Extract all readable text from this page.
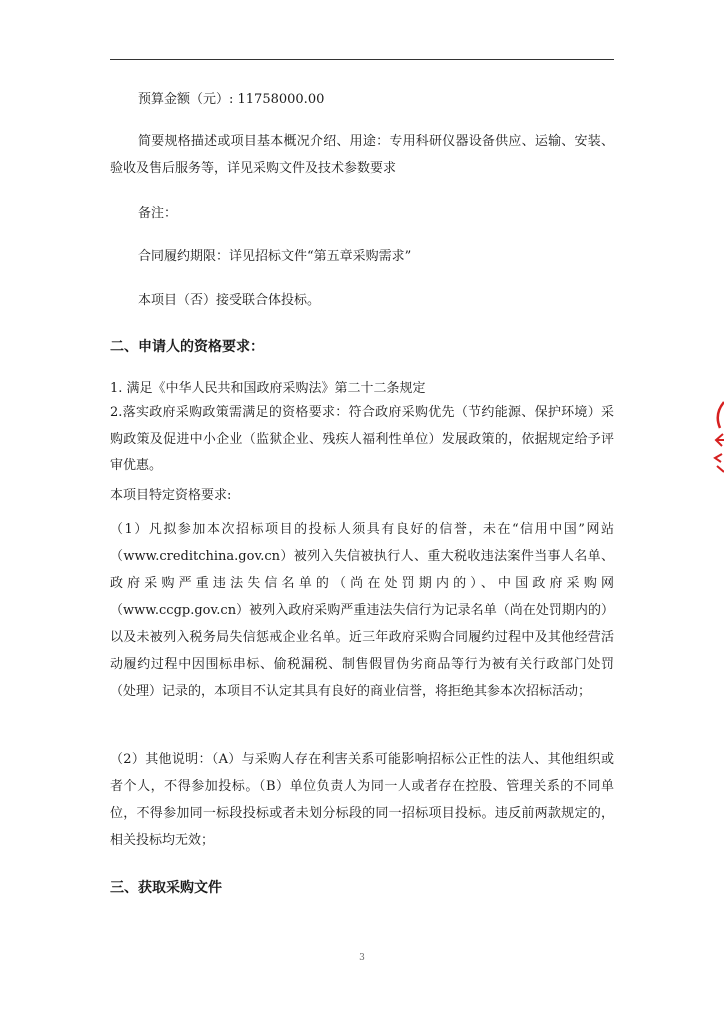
预算金额（元）: 11758000.00

简要规格描述或项目基本概况介绍、用途：专用科研仪器设备供应、运输、安装、验收及售后服务等，详见采购文件及技术参数要求

备注：

合同履约期限：详见招标文件“第五章采购需求”

本项目（否）接受联合体投标。

二、申请人的资格要求：

1. 满足《中华人民共和国政府采购法》第二十二条规定

2.落实政府采购政策需满足的资格要求：符合政府采购优先（节约能源、保护环境）采购政策及促进中小企业（监狱企业、残疾人福利性单位）发展政策的，依据规定给予评审优惠。

本项目特定资格要求:

（1）凡拟参加本次招标项目的投标人须具有良好的信誉，未在“信用中国”网站（www.creditchina.gov.cn）被列入失信被执行人、重大税收违法案件当事人名单、政府采购严重违法失信名单的（尚在处罚期内的）、中国政府采购网（www.ccgp.gov.cn）被列入政府采购严重违法失信行为记录名单（尚在处罚期内的）以及未被列入税务局失信惩戒企业名单。近三年政府采购合同履约过程中及其他经营活动履约过程中因围标串标、偷税漏税、制售假冒伪劣商品等行为被有关行政部门处罚（处理）记录的，本项目不认定其具有良好的商业信誉，将拒绝其参本次招标活动；

（2）其他说明：（A）与采购人存在利害关系可能影响招标公正性的法人、其他组织或者个人，不得参加投标。（B）单位负责人为同一人或者存在控股、管理关系的不同单位，不得参加同一标段投标或者未划分标段的同一招标项目投标。违反前两款规定的，相关投标均无效；

三、获取采购文件
3
